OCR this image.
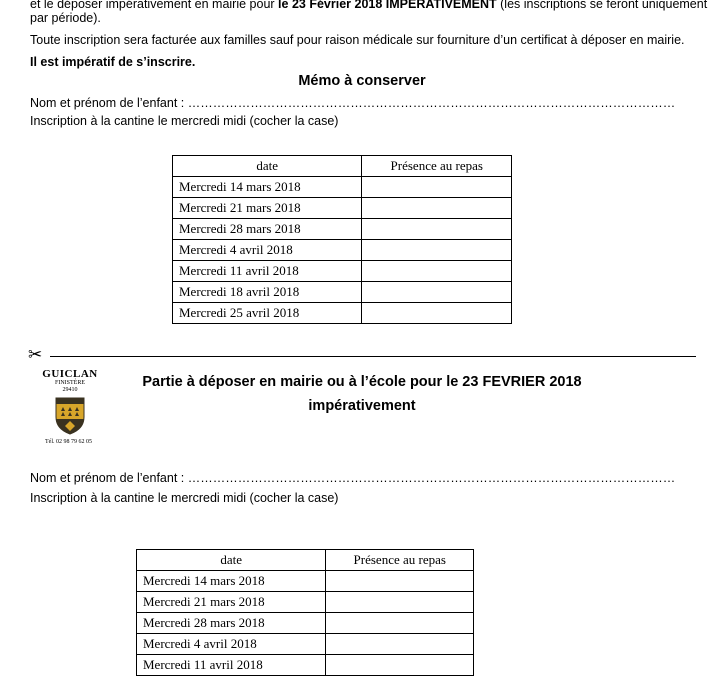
et le déposer impérativement en mairie pour le 23 Février 2018 IMPERATIVEMENT (les inscriptions se feront uniquement
par période).
Toute inscription sera facturée aux familles sauf pour raison médicale sur fourniture d’un certificat à déposer en mairie.
Il est impératif de s’inscrire.
Mémo à conserver
Nom et prénom de l’enfant : ………………………………………………………………………………………………………
Inscription à la cantine le mercredi midi (cocher la case)
date	Présence au repas
Mercredi 14 mars 2018	
Mercredi 21 mars 2018	
Mercredi 28 mars 2018	
Mercredi 4 avril 2018	
Mercredi 11 avril 2018	
Mercredi 18 avril 2018	
Mercredi 25 avril 2018	
✂
GUICLAN
FINISTÈRE
29410
Tél. 02 98 79 62 05
Partie à déposer en mairie ou à l’école pour le 23 FEVRIER 2018
impérativement
Nom et prénom de l’enfant : ………………………………………………………………………………………………………
Inscription à la cantine le mercredi midi (cocher la case)
date	Présence au repas
Mercredi 14 mars 2018	
Mercredi 21 mars 2018	
Mercredi 28 mars 2018	
Mercredi 4 avril 2018	
Mercredi 11 avril 2018	
